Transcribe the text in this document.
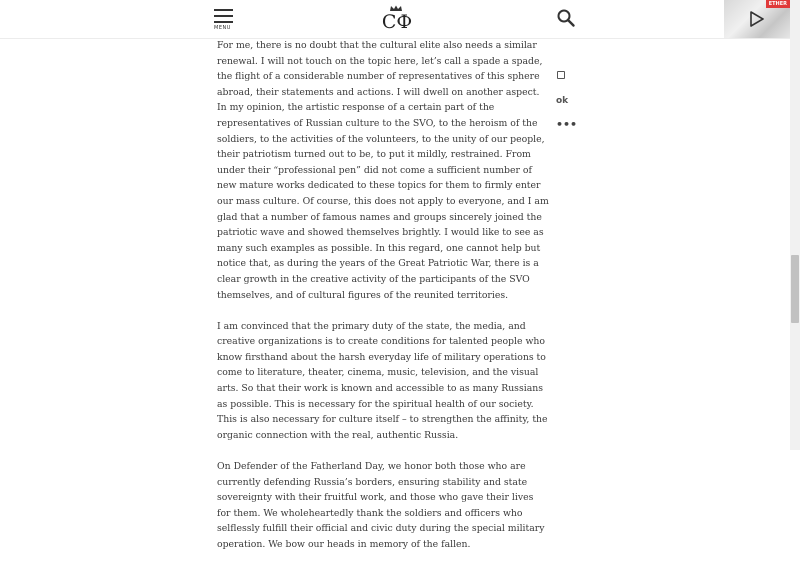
MENU	СФ
ETHER

For me, there is no doubt that the cultural elite also needs a similar renewal. I will not touch on the topic here, let’s call a spade a spade, the flight of a considerable number of representatives of this sphere abroad, their statements and actions. I will dwell on another aspect. In my opinion, the artistic response of a certain part of the representatives of Russian culture to the SVO, to the heroism of the soldiers, to the activities of the volunteers, to the unity of our people, their patriotism turned out to be, to put it mildly, restrained. From under their “professional pen” did not come a sufficient number of new mature works dedicated to these topics for them to firmly enter our mass culture. Of course, this does not apply to everyone, and I am glad that a number of famous names and groups sincerely joined the patriotic wave and showed themselves brightly. I would like to see as many such examples as possible. In this regard, one cannot help but notice that, as during the years of the Great Patriotic War, there is a clear growth in the creative activity of the participants of the SVO themselves, and of cultural figures of the reunited territories.

I am convinced that the primary duty of the state, the media, and creative organizations is to create conditions for talented people who know firsthand about the harsh everyday life of military operations to come to literature, theater, cinema, music, television, and the visual arts. So that their work is known and accessible to as many Russians as possible. This is necessary for the spiritual health of our society. This is also necessary for culture itself – to strengthen the affinity, the organic connection with the real, authentic Russia.

On Defender of the Fatherland Day, we honor both those who are currently defending Russia’s borders, ensuring stability and state sovereignty with their fruitful work, and those who gave their lives for them. We wholeheartedly thank the soldiers and officers who selflessly fulfill their official and civic duty during the special military operation. We bow our heads in memory of the fallen.

ok
•••
